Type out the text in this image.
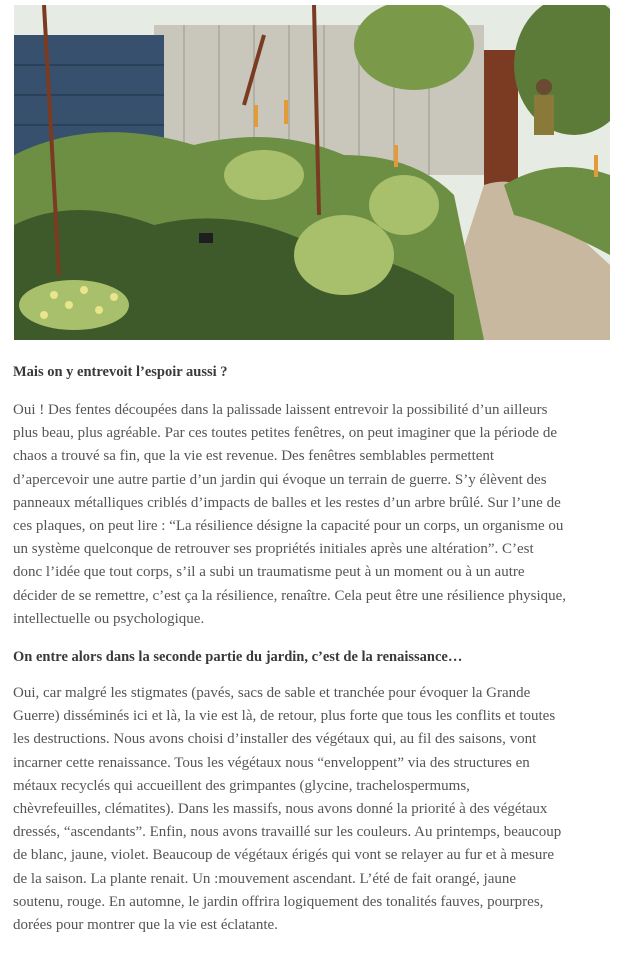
Mais on y entrevoit l’espoir aussi ?

Oui ! Des fentes découpées dans la palissade laissent entrevoir la possibilité d’un ailleurs
plus beau, plus agréable. Par ces toutes petites fenêtres, on peut imaginer que la période de
chaos a trouvé sa fin, que la vie est revenue. Des fenêtres semblables permettent
d’apercevoir une autre partie d’un jardin qui évoque un terrain de guerre. S’y élèvent des
panneaux métalliques criblés d’impacts de balles et les restes d’un arbre brûlé. Sur l’une de
ces plaques, on peut lire : “La résilience désigne la capacité pour un corps, un organisme ou
un système quelconque de retrouver ses propriétés initiales après une altération”. C’est
donc l’idée que tout corps, s’il a subi un traumatisme peut à un moment ou à un autre
décider de se remettre, c’est ça la résilience, renaître. Cela peut être une résilience physique,
intellectuelle ou psychologique.

On entre alors dans la seconde partie du jardin, c’est de la renaissance…

Oui, car malgré les stigmates (pavés, sacs de sable et tranchée pour évoquer la Grande
Guerre) disséminés ici et là, la vie est là, de retour, plus forte que tous les conflits et toutes
les destructions. Nous avons choisi d’installer des végétaux qui, au fil des saisons, vont
incarner cette renaissance. Tous les végétaux nous “enveloppent” via des structures en
métaux recyclés qui accueillent des grimpantes (glycine, trachelospermums,
chèvrefeuilles, clématites). Dans les massifs, nous avons donné la priorité à des végétaux
dressés, “ascendants”. Enfin, nous avons travaillé sur les couleurs. Au printemps, beaucoup
de blanc, jaune, violet. Beaucoup de végétaux érigés qui vont se relayer au fur et à mesure
de la saison. La plante renait. Un :mouvement ascendant. L’été de fait orangé, jaune
soutenu, rouge. En automne, le jardin offrira logiquement des tonalités fauves, pourpres,
dorées pour montrer que la vie est éclatante.
